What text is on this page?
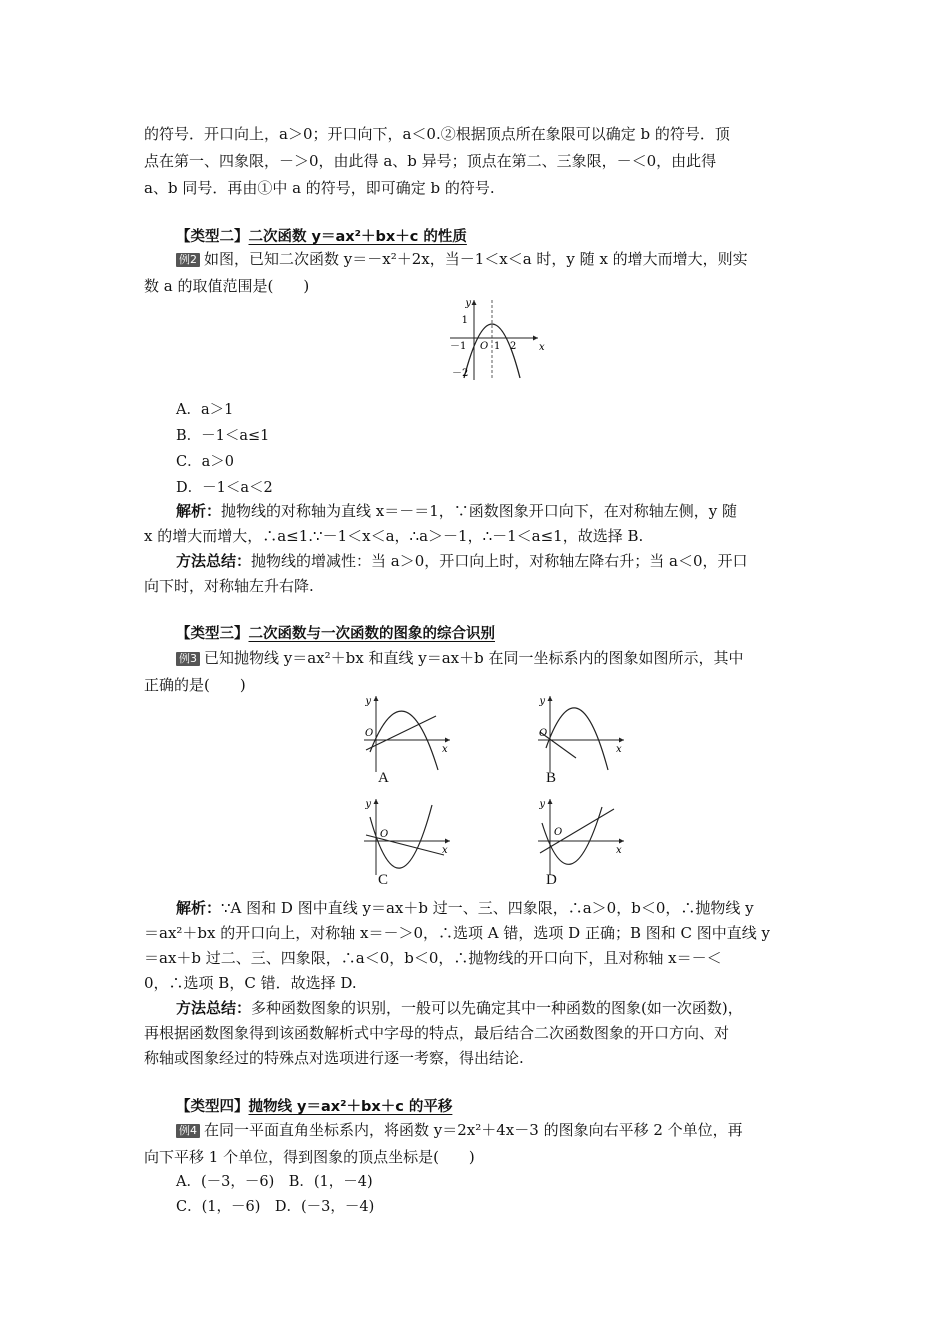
的符号．开口向上，a＞0；开口向下，a＜0.②根据顶点所在象限可以确定 b 的符号．顶
点在第一、四象限，－＞0，由此得 a、b 异号；顶点在第二、三象限，－＜0，由此得
a、b 同号．再由①中 a 的符号，即可确定 b 的符号.
【类型二】二次函数 y＝ax²＋bx＋c 的性质
例2 如图，已知二次函数 y＝－x²＋2x，当－1＜x＜a 时，y 随 x 的增大而增大，则实
数 a 的取值范围是(　　)
y
x
O
－1	1 2
1
－2
A．a＞1
B．－1＜a≤1
C．a＞0
D．－1＜a＜2
解析：抛物线的对称轴为直线 x＝－＝1，∵函数图象开口向下，在对称轴左侧，y 随
x 的增大而增大，∴a≤1.∵－1＜x＜a，∴a＞－1，∴－1＜a≤1，故选择 B.
方法总结：抛物线的增减性：当 a＞0，开口向上时，对称轴左降右升；当 a＜0，开口
向下时，对称轴左升右降.
【类型三】二次函数与一次函数的图象的综合识别
例3 已知抛物线 y＝ax²＋bx 和直线 y＝ax＋b 在同一坐标系内的图象如图所示，其中
正确的是(　　)
y
x
O
A
y
x
O
B
y
x
O
C
y
x
O
D
解析：∵A 图和 D 图中直线 y＝ax＋b 过一、三、四象限，∴a＞0，b＜0，∴抛物线 y
＝ax²＋bx 的开口向上，对称轴 x＝－＞0，∴选项 A 错，选项 D 正确；B 图和 C 图中直线 y
＝ax＋b 过二、三、四象限，∴a＜0，b＜0，∴抛物线的开口向下，且对称轴 x＝－＜
0，∴选项 B，C 错．故选择 D.
方法总结：多种函数图象的识别，一般可以先确定其中一种函数的图象(如一次函数)，
再根据函数图象得到该函数解析式中字母的特点，最后结合二次函数图象的开口方向、对
称轴或图象经过的特殊点对选项进行逐一考察，得出结论.
【类型四】抛物线 y＝ax²＋bx＋c 的平移
例4 在同一平面直角坐标系内，将函数 y＝2x²＋4x－3 的图象向右平移 2 个单位，再
向下平移 1 个单位，得到图象的顶点坐标是(　　)
A．(－3，－6)　B．(1，－4)
C．(1，－6)　D．(－3，－4)
